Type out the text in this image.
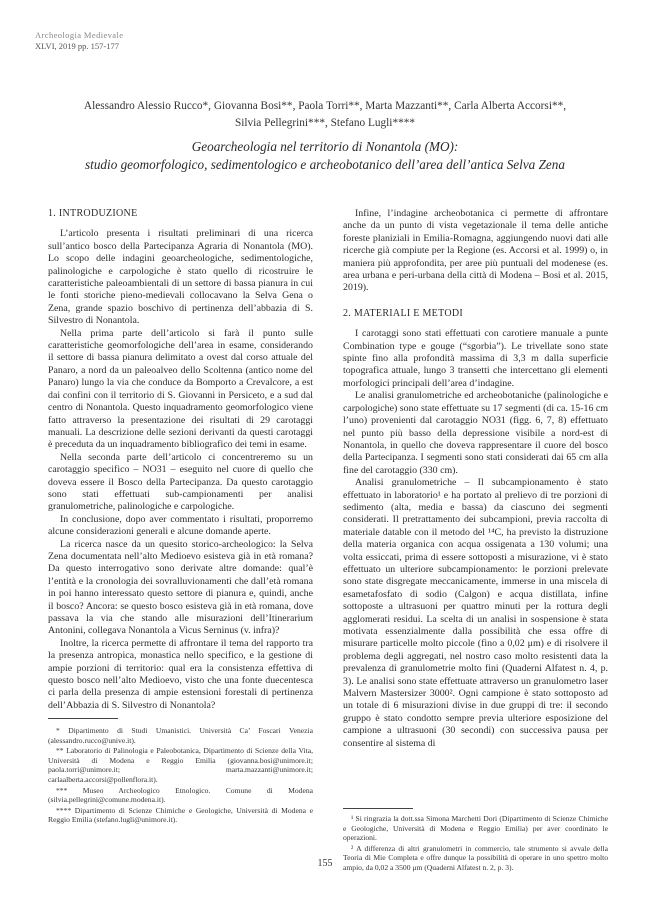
Archeologia Medievale
XLVI, 2019 pp. 157-177
Alessandro Alessio Rucco*, Giovanna Bosi**, Paola Torri**, Marta Mazzanti**, Carla Alberta Accorsi**,
Silvia Pellegrini***, Stefano Lugli****
Geoarcheologia nel territorio di Nonantola (MO):
studio geomorfologico, sedimentologico e archeobotanico dell’area dell’antica Selva Zena
1. INTRODUZIONE

L’articolo presenta i risultati preliminari di una ricerca sull’antico bosco della Partecipanza Agraria di Nonantola (MO). Lo scopo delle indagini geoarcheologiche, sedimentologiche, palinologiche e carpologiche è stato quello di ricostruire le caratteristiche paleoambientali di un settore di bassa pianura in cui le fonti storiche pieno-medievali collocavano la Selva Gena o Zena, grande spazio boschivo di pertinenza dell’abbazia di S. Silvestro di Nonantola.

Nella prima parte dell’articolo si farà il punto sulle caratteristiche geomorfologiche dell’area in esame, considerando il settore di bassa pianura delimitato a ovest dal corso attuale del Panaro, a nord da un paleoalveo dello Scoltenna (antico nome del Panaro) lungo la via che conduce da Bomporto a Crevalcore, a est dai confini con il territorio di S. Giovanni in Persiceto, e a sud dal centro di Nonantola. Questo inquadramento geomorfologico viene fatto attraverso la presentazione dei risultati di 29 carotaggi manuali. La descrizione delle sezioni derivanti da questi carotaggi è preceduta da un inquadramento bibliografico dei temi in esame.

Nella seconda parte dell’articolo ci concentreremo su un carotaggio specifico – NO31 – eseguito nel cuore di quello che doveva essere il Bosco della Partecipanza. Da questo carotaggio sono stati effettuati sub-campionamenti per analisi granulometriche, palinologiche e carpologiche.

In conclusione, dopo aver commentato i risultati, proporremo alcune considerazioni generali e alcune domande aperte.

La ricerca nasce da un quesito storico-archeologico: la Selva Zena documentata nell’alto Medioevo esisteva già in età romana? Da questo interrogativo sono derivate altre domande: qual’è l’entità e la cronologia dei sovralluvionamenti che dall’età romana in poi hanno interessato questo settore di pianura e, quindi, anche il bosco? Ancora: se questo bosco esisteva già in età romana, dove passava la via che stando alle misurazioni dell’Itinerarium Antonini, collegava Nonantola a Vicus Serninus (v. infra)?

Inoltre, la ricerca permette di affrontare il tema del rapporto tra la presenza antropica, monastica nello specifico, e la gestione di ampie porzioni di territorio: qual era la consistenza effettiva di questo bosco nell’alto Medioevo, visto che una fonte duecentesca ci parla della presenza di ampie estensioni forestali di pertinenza dell’Abbazia di S. Silvestro di Nonantola?

Infine, l’indagine archeobotanica ci permette di affrontare anche da un punto di vista vegetazionale il tema delle antiche foreste planiziali in Emilia-Romagna, aggiungendo nuovi dati alle ricerche già compiute per la Regione (es. Accorsi et al. 1999) o, in maniera più approfondita, per aree più puntuali del modenese (es. area urbana e peri-urbana della città di Modena – Bosi et al. 2015, 2019).

2. MATERIALI E METODI

I carotaggi sono stati effettuati con carotiere manuale a punte Combination type e gouge (“sgorbia”). Le trivellate sono state spinte fino alla profondità massima di 3,3 m dalla superficie topografica attuale, lungo 3 transetti che intercettano gli elementi morfologici principali dell’area d’indagine.

Le analisi granulometriche ed archeobotaniche (palinologiche e carpologiche) sono state effettuate su 17 segmenti (di ca. 15-16 cm l’uno) provenienti dal carotaggio NO31 (figg. 6, 7, 8) effettuato nel punto più basso della depressione visibile a nord-est di Nonantola, in quello che doveva rappresentare il cuore del bosco della Partecipanza. I segmenti sono stati considerati dai 65 cm alla fine del carotaggio (330 cm).

Analisi granulometriche – Il subcampionamento è stato effettuato in laboratorio¹ e ha portato al prelievo di tre porzioni di sedimento (alta, media e bassa) da ciascuno dei segmenti considerati. Il pretrattamento dei subcampioni, previa raccolta di materiale datable con il metodo del ¹⁴C, ha previsto la distruzione della materia organica con acqua ossigenata a 130 volumi; una volta essiccati, prima di essere sottoposti a misurazione, vi è stato effettuato un ulteriore subcampionamento: le porzioni prelevate sono state disgregate meccanicamente, immerse in una miscela di esametafosfato di sodio (Calgon) e acqua distillata, infine sottoposte a ultrasuoni per quattro minuti per la rottura degli agglomerati residui. La scelta di un analisi in sospensione è stata motivata essenzialmente dalla possibilità che essa offre di misurare particelle molto piccole (fino a 0,02 μm) e di risolvere il problema degli aggregati, nel nostro caso molto resistenti data la prevalenza di granulometrie molto fini (Quaderni Alfatest n. 4, p. 3). Le analisi sono state effettuate attraverso un granulometro laser Malvern Mastersizer 3000². Ogni campione è stato sottoposto ad un totale di 6 misurazioni divise in due gruppi di tre: il secondo gruppo è stato condotto sempre previa ulteriore esposizione del campione a ultrasuoni (30 secondi) con successiva pausa per consentire al sistema di

* Dipartimento di Studi Umanistici. Università Ca’ Foscari Venezia (alessandro.rucco@unive.it).

** Laboratorio di Palinologia e Paleobotanica, Dipartimento di Scienze della Vita, Università di Modena e Reggio Emilia (giovanna.bosi@unimore.it; paola.torri@unimore.it; marta.mazzanti@unimore.it; carlaalberta.accorsi@pollenflora.it).

*** Museo Archeologico Etnologico. Comune di Modena (silvia.pellegrini@comune.modena.it).

**** Dipartimento di Scienze Chimiche e Geologiche, Università di Modena e Reggio Emilia (stefano.lugli@unimore.it).	¹ Si ringrazia la dott.ssa Simona Marchetti Dori (Dipartimento di Scienze Chimiche e Geologiche, Università di Modena e Reggio Emilia) per aver coordinato le operazioni.

² A differenza di altri granulometri in commercio, tale strumento si avvale della Teoria di Mie Completa e offre dunque la possibilità di operare in uno spettro molto ampio, da 0,02 a 3500 μm (Quaderni Alfatest n. 2, p. 3).

155
